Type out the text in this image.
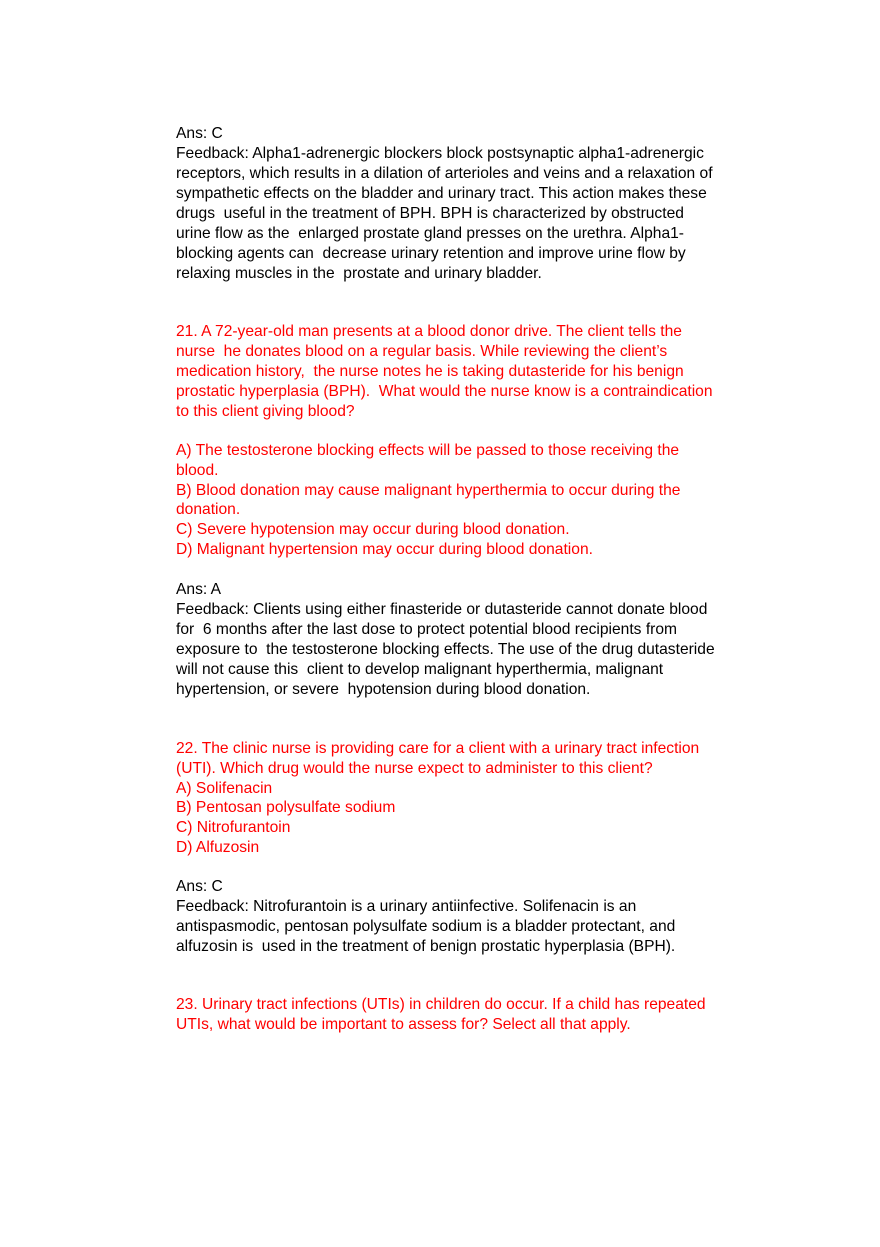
Ans: C
Feedback: Alpha1-adrenergic blockers block postsynaptic alpha1-adrenergic
receptors, which results in a dilation of arterioles and veins and a relaxation of
sympathetic effects on the bladder and urinary tract. This action makes these
drugs  useful in the treatment of BPH. BPH is characterized by obstructed
urine flow as the  enlarged prostate gland presses on the urethra. Alpha1-
blocking agents can  decrease urinary retention and improve urine flow by
relaxing muscles in the  prostate and urinary bladder.
21. A 72-year-old man presents at a blood donor drive. The client tells the
nurse  he donates blood on a regular basis. While reviewing the client’s
medication history,  the nurse notes he is taking dutasteride for his benign
prostatic hyperplasia (BPH).  What would the nurse know is a contraindication
to this client giving blood?
A) The testosterone blocking effects will be passed to those receiving the
blood.
B) Blood donation may cause malignant hyperthermia to occur during the
donation.
C) Severe hypotension may occur during blood donation.
D) Malignant hypertension may occur during blood donation.
Ans: A
Feedback: Clients using either finasteride or dutasteride cannot donate blood
for  6 months after the last dose to protect potential blood recipients from
exposure to  the testosterone blocking effects. The use of the drug dutasteride
will not cause this  client to develop malignant hyperthermia, malignant
hypertension, or severe  hypotension during blood donation.
22. The clinic nurse is providing care for a client with a urinary tract infection
(UTI). Which drug would the nurse expect to administer to this client?
A) Solifenacin
B) Pentosan polysulfate sodium
C) Nitrofurantoin
D) Alfuzosin
Ans: C
Feedback: Nitrofurantoin is a urinary antiinfective. Solifenacin is an
antispasmodic, pentosan polysulfate sodium is a bladder protectant, and
alfuzosin is  used in the treatment of benign prostatic hyperplasia (BPH).
23. Urinary tract infections (UTIs) in children do occur. If a child has repeated
UTIs, what would be important to assess for? Select all that apply.
